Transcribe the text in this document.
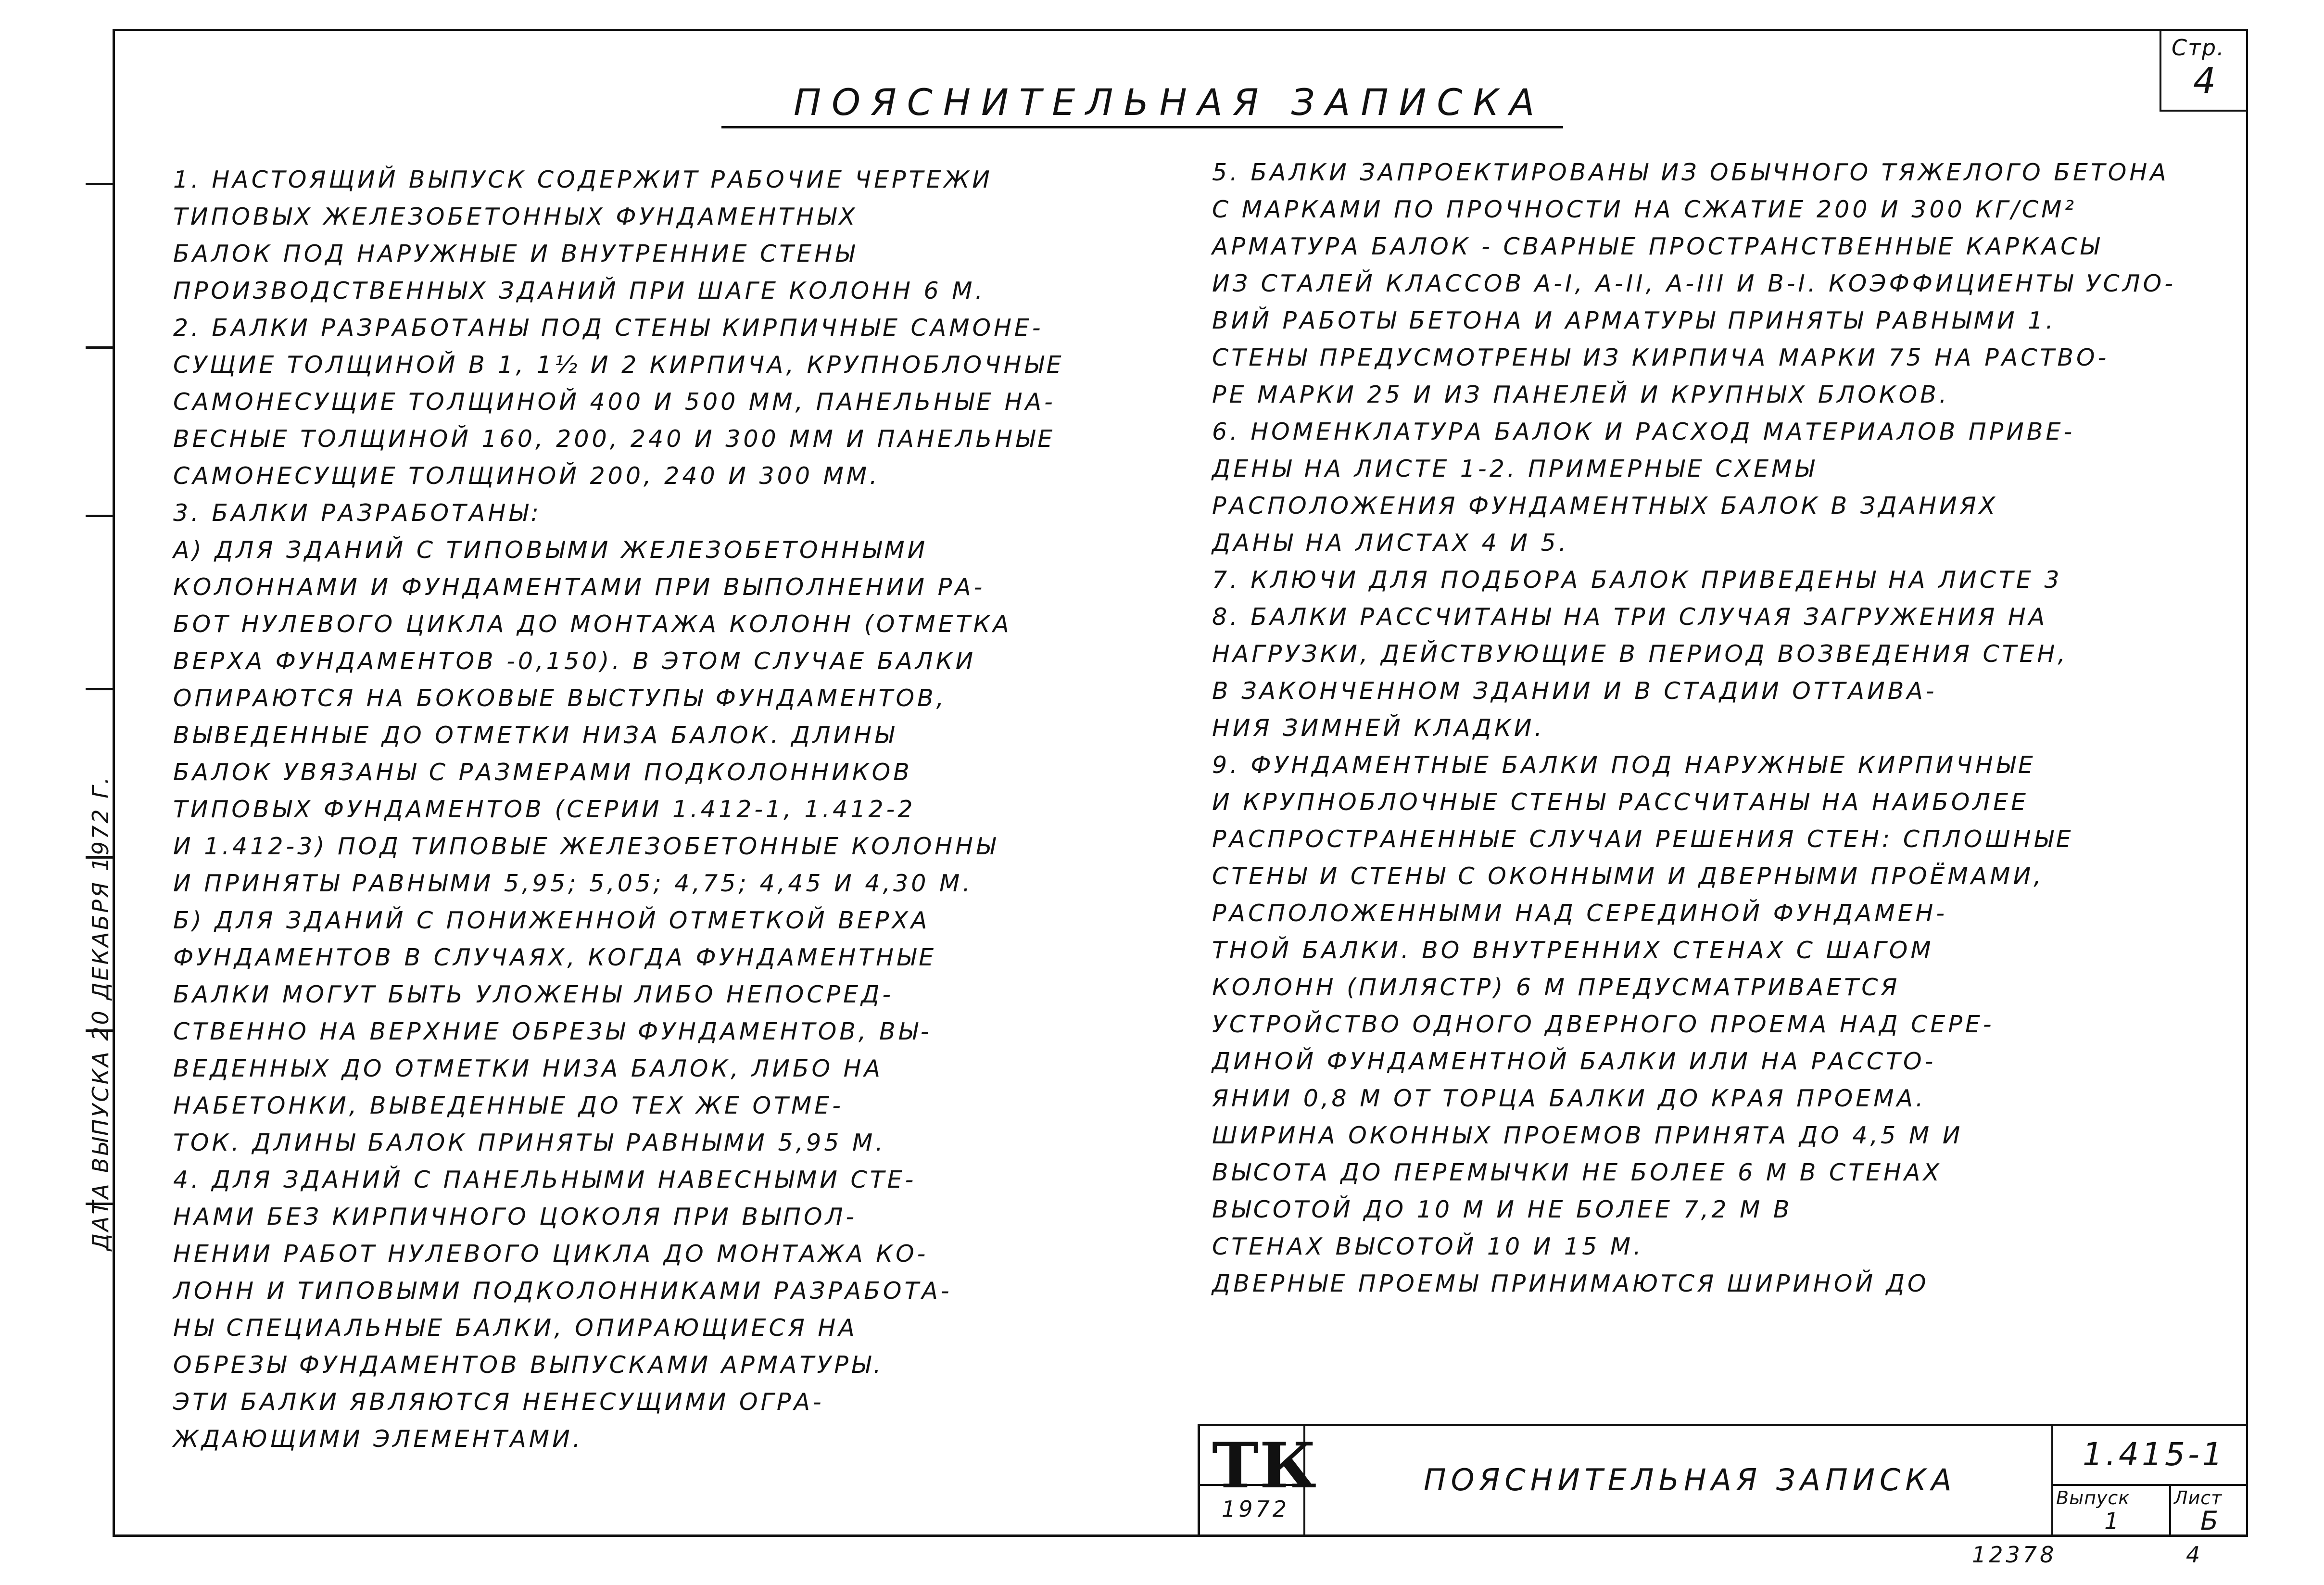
Стр.
4
ПОЯСНИТЕЛЬНАЯ ЗАПИСКА
ДАТА ВЫПУСКА 20 ДЕКАБРЯ 1972 Г.

1. НАСТОЯЩИЙ ВЫПУСК СОДЕРЖИТ РАБОЧИЕ ЧЕРТЕЖИ

ТИПОВЫХ ЖЕЛЕЗОБЕТОННЫХ ФУНДАМЕНТНЫХ

БАЛОК ПОД НАРУЖНЫЕ И ВНУТРЕННИЕ СТЕНЫ

ПРОИЗВОДСТВЕННЫХ ЗДАНИЙ ПРИ ШАГЕ КОЛОНН 6 М.

2. БАЛКИ РАЗРАБОТАНЫ ПОД СТЕНЫ КИРПИЧНЫЕ САМОНЕ-

СУЩИЕ ТОЛЩИНОЙ В 1, 1½ И 2 КИРПИЧА, КРУПНОБЛОЧНЫЕ

САМОНЕСУЩИЕ ТОЛЩИНОЙ 400 И 500 ММ, ПАНЕЛЬНЫЕ НА-

ВЕСНЫЕ ТОЛЩИНОЙ 160, 200, 240 И 300 ММ И ПАНЕЛЬНЫЕ

САМОНЕСУЩИЕ ТОЛЩИНОЙ 200, 240 И 300 ММ.

3. БАЛКИ РАЗРАБОТАНЫ:

А) ДЛЯ ЗДАНИЙ С ТИПОВЫМИ ЖЕЛЕЗОБЕТОННЫМИ

КОЛОННАМИ И ФУНДАМЕНТАМИ ПРИ ВЫПОЛНЕНИИ РА-

БОТ НУЛЕВОГО ЦИКЛА ДО МОНТАЖА КОЛОНН (ОТМЕТКА

ВЕРХА ФУНДАМЕНТОВ -0,150). В ЭТОМ СЛУЧАЕ БАЛКИ

ОПИРАЮТСЯ НА БОКОВЫЕ ВЫСТУПЫ ФУНДАМЕНТОВ,

ВЫВЕДЕННЫЕ ДО ОТМЕТКИ НИЗА БАЛОК. ДЛИНЫ

БАЛОК УВЯЗАНЫ С РАЗМЕРАМИ ПОДКОЛОННИКОВ

ТИПОВЫХ ФУНДАМЕНТОВ (СЕРИИ 1.412-1, 1.412-2

И 1.412-3) ПОД ТИПОВЫЕ ЖЕЛЕЗОБЕТОННЫЕ КОЛОННЫ

И ПРИНЯТЫ РАВНЫМИ 5,95; 5,05; 4,75; 4,45 И 4,30 М.

Б) ДЛЯ ЗДАНИЙ С ПОНИЖЕННОЙ ОТМЕТКОЙ ВЕРХА

ФУНДАМЕНТОВ В СЛУЧАЯХ, КОГДА ФУНДАМЕНТНЫЕ

БАЛКИ МОГУТ БЫТЬ УЛОЖЕНЫ ЛИБО НЕПОСРЕД-

СТВЕННО НА ВЕРХНИЕ ОБРЕЗЫ ФУНДАМЕНТОВ, ВЫ-

ВЕДЕННЫХ ДО ОТМЕТКИ НИЗА БАЛОК, ЛИБО НА

НАБЕТОНКИ, ВЫВЕДЕННЫЕ ДО ТЕХ ЖЕ ОТМЕ-

ТОК. ДЛИНЫ БАЛОК ПРИНЯТЫ РАВНЫМИ 5,95 М.

4. ДЛЯ ЗДАНИЙ С ПАНЕЛЬНЫМИ НАВЕСНЫМИ СТЕ-

НАМИ БЕЗ КИРПИЧНОГО ЦОКОЛЯ ПРИ ВЫПОЛ-

НЕНИИ РАБОТ НУЛЕВОГО ЦИКЛА ДО МОНТАЖА КО-

ЛОНН И ТИПОВЫМИ ПОДКОЛОННИКАМИ РАЗРАБОТА-

НЫ СПЕЦИАЛЬНЫЕ БАЛКИ, ОПИРАЮЩИЕСЯ НА

ОБРЕЗЫ ФУНДАМЕНТОВ ВЫПУСКАМИ АРМАТУРЫ.

ЭТИ БАЛКИ ЯВЛЯЮТСЯ НЕНЕСУЩИМИ ОГРА-

ЖДАЮЩИМИ ЭЛЕМЕНТАМИ.

5. БАЛКИ ЗАПРОЕКТИРОВАНЫ ИЗ ОБЫЧНОГО ТЯЖЕЛОГО БЕТОНА

С МАРКАМИ ПО ПРОЧНОСТИ НА СЖАТИЕ 200 И 300 КГ/СМ²

АРМАТУРА БАЛОК - СВАРНЫЕ ПРОСТРАНСТВЕННЫЕ КАРКАСЫ

ИЗ СТАЛЕЙ КЛАССОВ А-I, А-II, А-III И В-I. КОЭФФИЦИЕНТЫ УСЛО-

ВИЙ РАБОТЫ БЕТОНА И АРМАТУРЫ ПРИНЯТЫ РАВНЫМИ 1.

СТЕНЫ ПРЕДУСМОТРЕНЫ ИЗ КИРПИЧА МАРКИ 75 НА РАСТВО-

РЕ МАРКИ 25 И ИЗ ПАНЕЛЕЙ И КРУПНЫХ БЛОКОВ.

6. НОМЕНКЛАТУРА БАЛОК И РАСХОД МАТЕРИАЛОВ ПРИВЕ-

ДЕНЫ НА ЛИСТЕ 1-2. ПРИМЕРНЫЕ СХЕМЫ

РАСПОЛОЖЕНИЯ ФУНДАМЕНТНЫХ БАЛОК В ЗДАНИЯХ

ДАНЫ НА ЛИСТАХ 4 И 5.

7. КЛЮЧИ ДЛЯ ПОДБОРА БАЛОК ПРИВЕДЕНЫ НА ЛИСТЕ 3

8. БАЛКИ РАССЧИТАНЫ НА ТРИ СЛУЧАЯ ЗАГРУЖЕНИЯ НА

НАГРУЗКИ, ДЕЙСТВУЮЩИЕ В ПЕРИОД ВОЗВЕДЕНИЯ СТЕН,

В ЗАКОНЧЕННОМ ЗДАНИИ И В СТАДИИ ОТТАИВА-

НИЯ ЗИМНЕЙ КЛАДКИ.

9. ФУНДАМЕНТНЫЕ БАЛКИ ПОД НАРУЖНЫЕ КИРПИЧНЫЕ

И КРУПНОБЛОЧНЫЕ СТЕНЫ РАССЧИТАНЫ НА НАИБОЛЕЕ

РАСПРОСТРАНЕННЫЕ СЛУЧАИ РЕШЕНИЯ СТЕН: СПЛОШНЫЕ

СТЕНЫ И СТЕНЫ С ОКОННЫМИ И ДВЕРНЫМИ ПРОЁМАМИ,

РАСПОЛОЖЕННЫМИ НАД СЕРЕДИНОЙ ФУНДАМЕН-

ТНОЙ БАЛКИ. ВО ВНУТРЕННИХ СТЕНАХ С ШАГОМ

КОЛОНН (ПИЛЯСТР) 6 М ПРЕДУСМАТРИВАЕТСЯ

УСТРОЙСТВО ОДНОГО ДВЕРНОГО ПРОЕМА НАД СЕРЕ-

ДИНОЙ ФУНДАМЕНТНОЙ БАЛКИ ИЛИ НА РАССТО-

ЯНИИ 0,8 М ОТ ТОРЦА БАЛКИ ДО КРАЯ ПРОЕМА.

ШИРИНА ОКОННЫХ ПРОЕМОВ ПРИНЯТА ДО 4,5 М И

ВЫСОТА ДО ПЕРЕМЫЧКИ НЕ БОЛЕЕ 6 М В СТЕНАХ

ВЫСОТОЙ ДО 10 М И НЕ БОЛЕЕ 7,2 М В

СТЕНАХ ВЫСОТОЙ 10 И 15 М.

ДВЕРНЫЕ ПРОЕМЫ ПРИНИМАЮТСЯ ШИРИНОЙ ДО

ТК
1972
ПОЯСНИТЕЛЬНАЯ ЗАПИСКА
1.415-1
Выпуск
1
Лист
Б
12378	4
